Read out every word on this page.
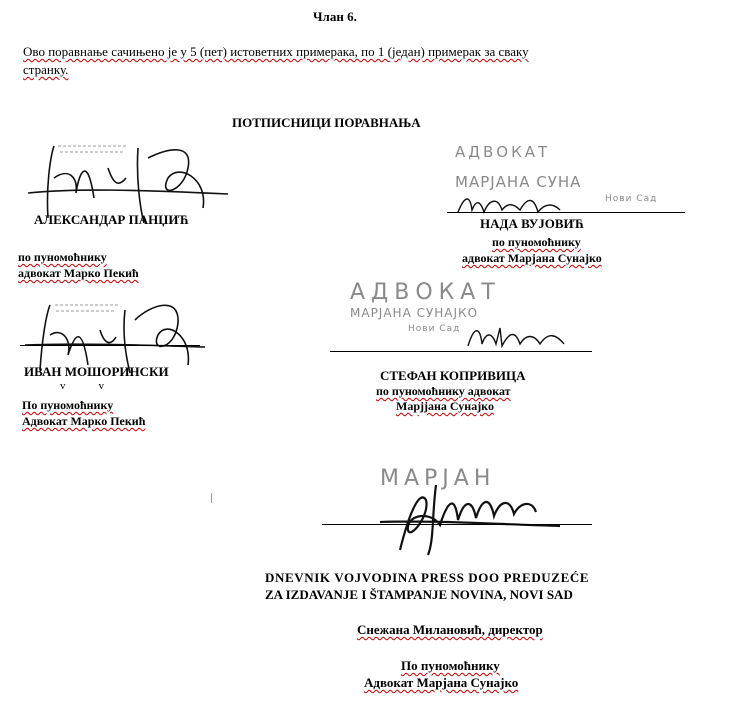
Члан 6.
Ово поравнање сачињено је у 5 (пет) истоветних примерака, по 1 (један) примерак за сваку
странку.
ПОТПИСНИЦИ ПОРАВНАЊА
АЛЕКСАНДАР ПАНЏИЋ
по пуномоћнику
адвокат Марко Пекић
АДВОКАТ
МАРЈАНА СУНА
Нови Сад
НАДА ВУЈОВИЋ
по пуномоћнику
адвокат Марјана Сунајко
ИВАН МОШОРИНСКИ
v            v
По пуномоћнику
Адвокат Марко Пекић
АДВОКАТ
МАРЈАНА СУНАЈКО
Нови Сад
СТЕФАН КОПРИВИЦА
по пуномоћнику адвокат
Марјјана Сунајко
МАРЈАН
DNEVNIK VOJVODINA PRESS DOO PREDUZEĆE
ZA IZDAVANJE I ŠTAMPANJE NOVINA, NOVI SAD
Снежана Милановић, директор
По пуномоћнику
Адвокат Марјана Сунајко
